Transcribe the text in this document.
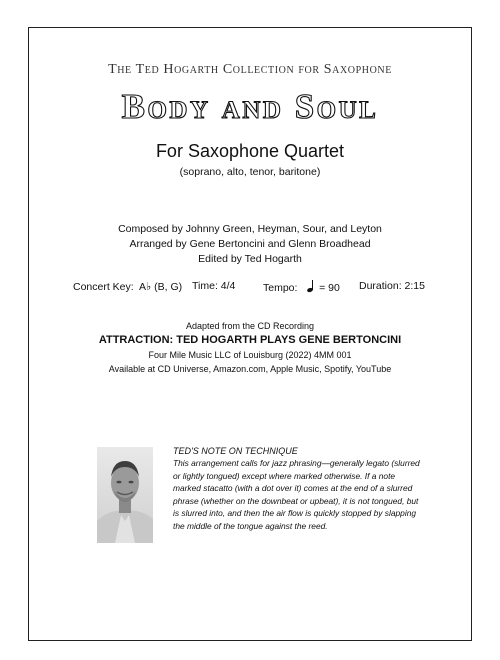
The Ted Hogarth Collection for Saxophone
Body and Soul
For Saxophone Quartet
(soprano, alto, tenor, baritone)
Composed by Johnny Green, Heyman, Sour, and Leyton
Arranged by Gene Bertoncini and Glenn Broadhead
Edited by Ted Hogarth
Concert Key: A♭ (B, G) Time: 4/4	Tempo: = 90 Duration: 2:15
Adapted from the CD Recording
ATTRACTION: TED HOGARTH PLAYS GENE BERTONCINI
Four Mile Music LLC of Louisburg (2022) 4MM 001
Available at CD Universe, Amazon.com, Apple Music, Spotify, YouTube
TED'S NOTE ON TECHNIQUE
This arrangement calls for jazz phrasing—generally legato (slurred or lightly tongued) except where marked otherwise. If a note marked stacatto (with a dot over it) comes at the end of a slurred phrase (whether on the downbeat or upbeat), it is not tongued, but is slurred into, and then the air flow is quickly stopped by slapping the middle of the tongue against the reed.
